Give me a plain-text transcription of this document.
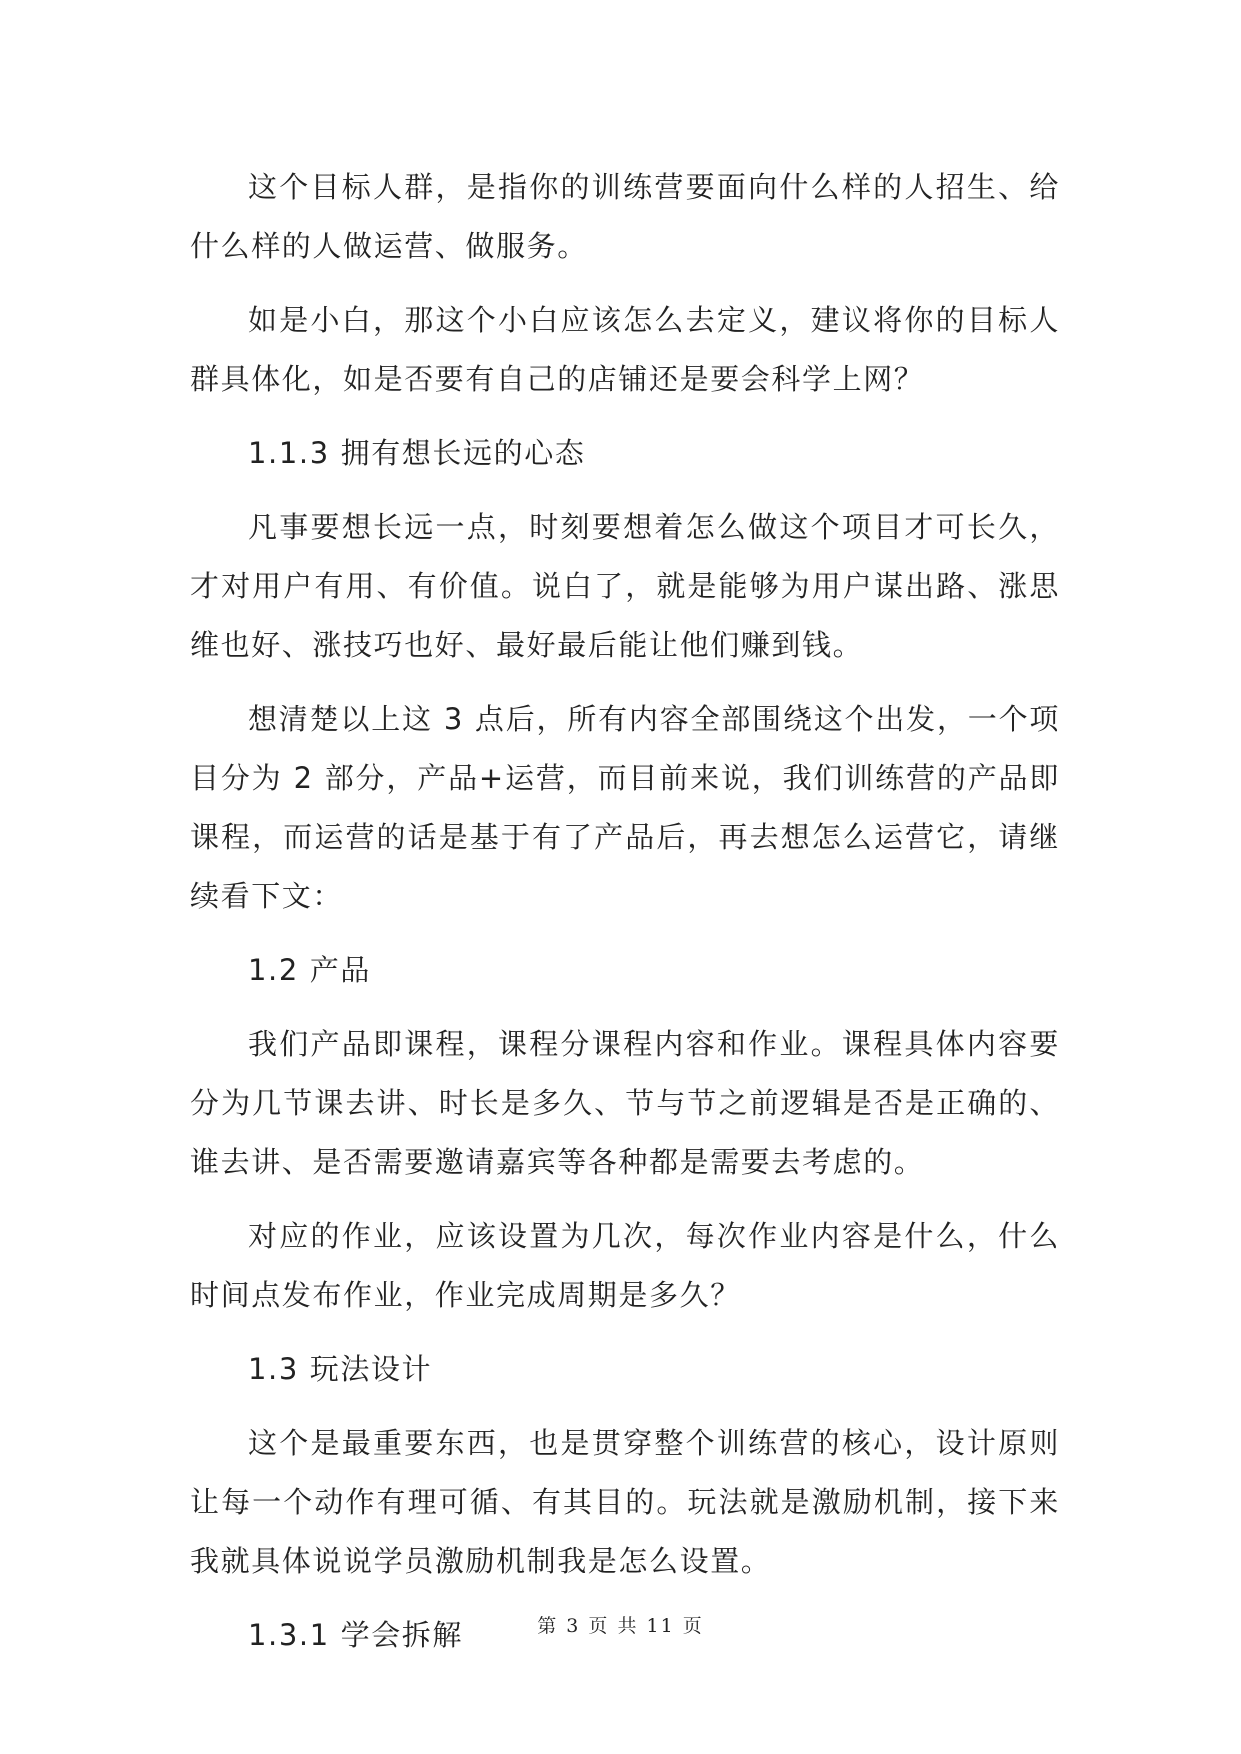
这个目标人群，是指你的训练营要面向什么样的人招生、给什么样的人做运营、做服务。

如是小白，那这个小白应该怎么去定义，建议将你的目标人群具体化，如是否要有自己的店铺还是要会科学上网？

1.1.3 拥有想长远的心态

凡事要想长远一点，时刻要想着怎么做这个项目才可长久，才对用户有用、有价值。说白了，就是能够为用户谋出路、涨思维也好、涨技巧也好、最好最后能让他们赚到钱。

想清楚以上这 3 点后，所有内容全部围绕这个出发，一个项目分为 2 部分，产品+运营，而目前来说，我们训练营的产品即课程，而运营的话是基于有了产品后，再去想怎么运营它，请继续看下文：

1.2 产品

我们产品即课程，课程分课程内容和作业。课程具体内容要分为几节课去讲、时长是多久、节与节之前逻辑是否是正确的、谁去讲、是否需要邀请嘉宾等各种都是需要去考虑的。

对应的作业，应该设置为几次，每次作业内容是什么，什么时间点发布作业，作业完成周期是多久？

1.3 玩法设计

这个是最重要东西，也是贯穿整个训练营的核心，设计原则让每一个动作有理可循、有其目的。玩法就是激励机制，接下来我就具体说说学员激励机制我是怎么设置。

1.3.1 学会拆解	第 3 页 共 11 页
